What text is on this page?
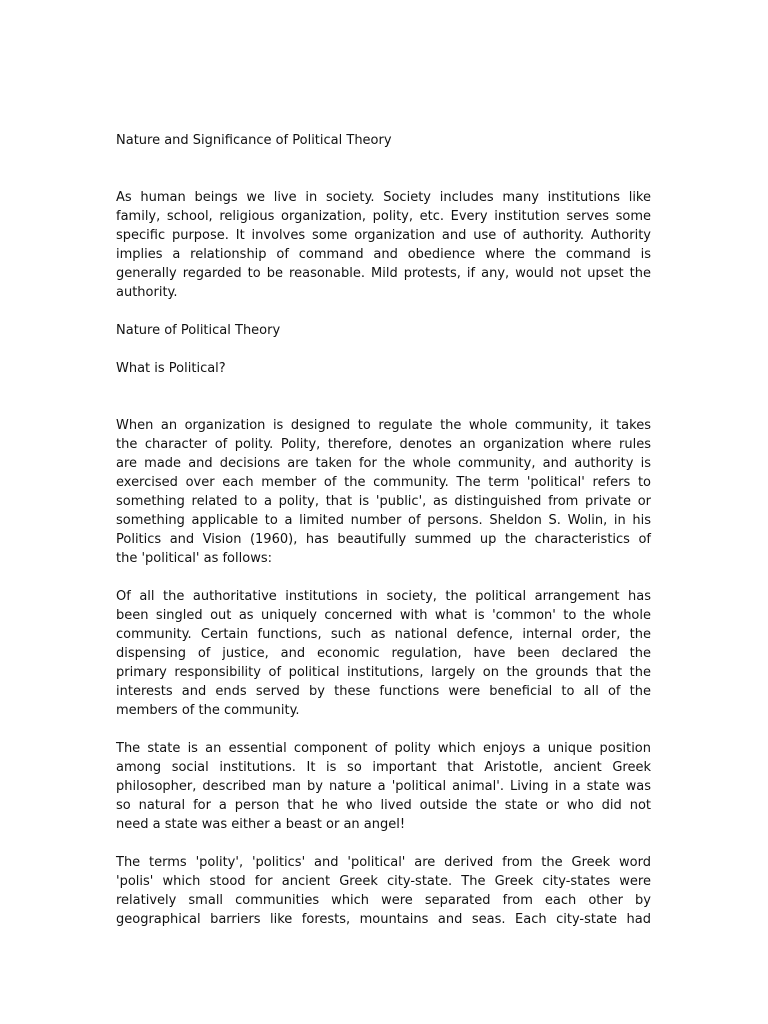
Nature and Significance of Political Theory
As human beings we live in society. Society includes many institutions like
family, school, religious organization, polity, etc. Every institution serves some
specific purpose. It involves some organization and use of authority. Authority
implies a relationship of command and obedience where the command is
generally regarded to be reasonable. Mild protests, if any, would not upset the
authority.
Nature of Political Theory
What is Political?
When an organization is designed to regulate the whole community, it takes
the character of polity. Polity, therefore, denotes an organization where rules
are made and decisions are taken for the whole community, and authority is
exercised over each member of the community. The term 'political' refers to
something related to a polity, that is 'public', as distinguished from private or
something applicable to a limited number of persons. Sheldon S. Wolin, in his
Politics and Vision (1960), has beautifully summed up the characteristics of
the 'political' as follows:
Of all the authoritative institutions in society, the political arrangement has
been singled out as uniquely concerned with what is 'common' to the whole
community. Certain functions, such as national defence, internal order, the
dispensing of justice, and economic regulation, have been declared the
primary responsibility of political institutions, largely on the grounds that the
interests and ends served by these functions were beneficial to all of the
members of the community.
The state is an essential component of polity which enjoys a unique position
among social institutions. It is so important that Aristotle, ancient Greek
philosopher, described man by nature a 'political animal'. Living in a state was
so natural for a person that he who lived outside the state or who did not
need a state was either a beast or an angel!
The terms 'polity', 'politics' and 'political' are derived from the Greek word
'polis' which stood for ancient Greek city-state. The Greek city-states were
relatively small communities which were separated from each other by
geographical barriers like forests, mountains and seas. Each city-state had
